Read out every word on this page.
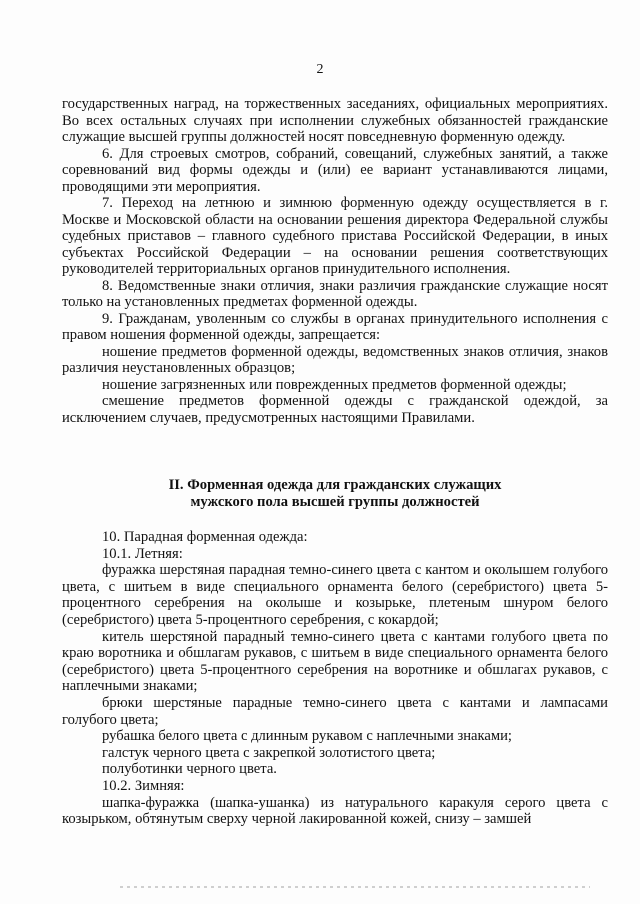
2

государственных наград, на торжественных заседаниях, официальных мероприятиях. Во всех остальных случаях при исполнении служебных обязанностей гражданские служащие высшей группы должностей носят повседневную форменную одежду.

6. Для строевых смотров, собраний, совещаний, служебных занятий, а также соревнований вид формы одежды и (или) ее вариант устанавливаются лицами, проводящими эти мероприятия.

7. Переход на летнюю и зимнюю форменную одежду осуществляется в г. Москве и Московской области на основании решения директора Федеральной службы судебных приставов – главного судебного пристава Российской Федерации, в иных субъектах Российской Федерации – на основании решения соответствующих руководителей территориальных органов принудительного исполнения.

8. Ведомственные знаки отличия, знаки различия гражданские служащие носят только на установленных предметах форменной одежды.

9. Гражданам, уволенным со службы в органах принудительного исполнения с правом ношения форменной одежды, запрещается:

ношение предметов форменной одежды, ведомственных знаков отличия, знаков различия неустановленных образцов;

ношение загрязненных или поврежденных предметов форменной одежды;

смешение предметов форменной одежды с гражданской одеждой, за исключением случаев, предусмотренных настоящими Правилами.

II. Форменная одежда для гражданских служащих
мужского пола высшей группы должностей

10. Парадная форменная одежда:

10.1. Летняя:

фуражка шерстяная парадная темно-синего цвета с кантом и околышем голубого цвета, с шитьем в виде специального орнамента белого (серебристого) цвета 5-процентного серебрения на околыше и козырьке, плетеным шнуром белого (серебристого) цвета 5-процентного серебрения, с кокардой;

китель шерстяной парадный темно-синего цвета с кантами голубого цвета по краю воротника и обшлагам рукавов, с шитьем в виде специального орнамента белого (серебристого) цвета 5-процентного серебрения на воротнике и обшлагах рукавов, с наплечными знаками;

брюки шерстяные парадные темно-синего цвета с кантами и лампасами голубого цвета;

рубашка белого цвета с длинным рукавом с наплечными знаками;

галстук черного цвета с закрепкой золотистого цвета;

полуботинки черного цвета.

10.2. Зимняя:

шапка-фуражка (шапка-ушанка) из натурального каракуля серого цвета с козырьком, обтянутым сверху черной лакированной кожей, снизу – замшей
